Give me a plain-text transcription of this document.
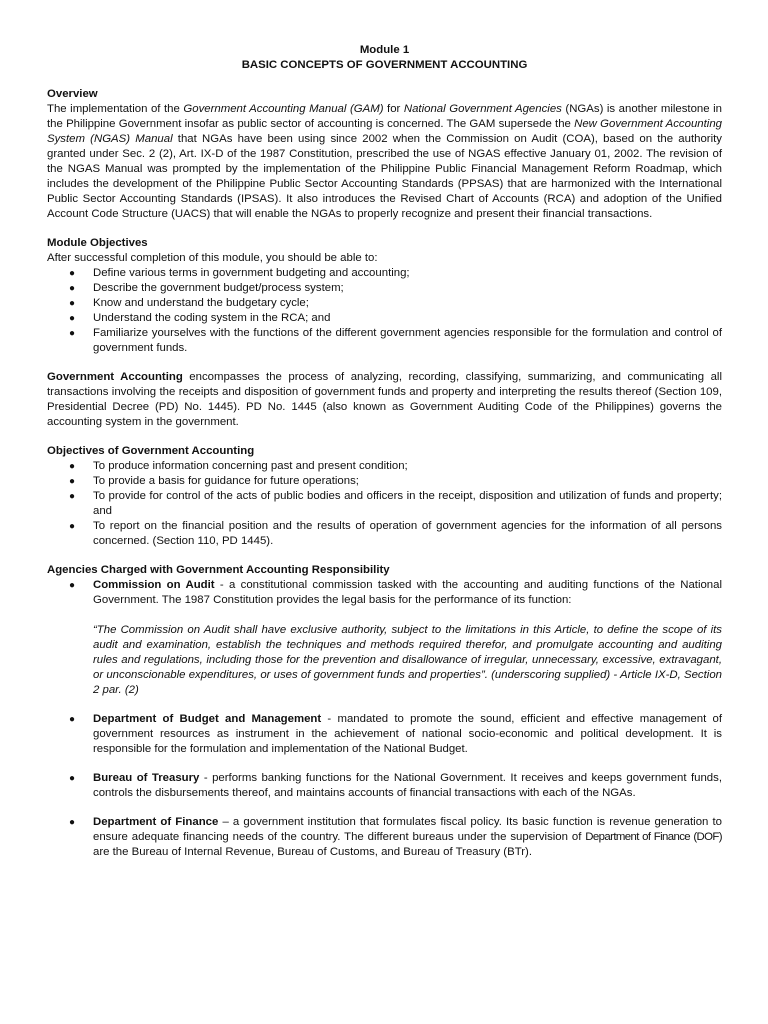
Module 1
BASIC CONCEPTS OF GOVERNMENT ACCOUNTING
Overview

The implementation of the Government Accounting Manual (GAM) for National Government Agencies (NGAs) is another milestone in the Philippine Government insofar as public sector of accounting is concerned. The GAM supersede the New Government Accounting System (NGAS) Manual that NGAs have been using since 2002 when the Commission on Audit (COA), based on the authority granted under Sec. 2 (2), Art. IX-D of the 1987 Constitution, prescribed the use of NGAS effective January 01, 2002. The revision of the NGAS Manual was prompted by the implementation of the Philippine Public Financial Management Reform Roadmap, which includes the development of the Philippine Public Sector Accounting Standards (PPSAS) that are harmonized with the International Public Sector Accounting Standards (IPSAS). It also introduces the Revised Chart of Accounts (RCA) and adoption of the Unified Account Code Structure (UACS) that will enable the NGAs to properly recognize and present their financial transactions.

Module Objectives

After successful completion of this module, you should be able to:

● Define various terms in government budgeting and accounting;
● Describe the government budget/process system;
● Know and understand the budgetary cycle;
● Understand the coding system in the RCA; and
● Familiarize yourselves with the functions of the different government agencies responsible for the formulation and control of government funds.

Government Accounting encompasses the process of analyzing, recording, classifying, summarizing, and communicating all transactions involving the receipts and disposition of government funds and property and interpreting the results thereof (Section 109, Presidential Decree (PD) No. 1445). PD No. 1445 (also known as Government Auditing Code of the Philippines) governs the accounting system in the government.

Objectives of Government Accounting
● To produce information concerning past and present condition;
● To provide a basis for guidance for future operations;
● To provide for control of the acts of public bodies and officers in the receipt, disposition and utilization of funds and property; and
● To report on the financial position and the results of operation of government agencies for the information of all persons concerned. (Section 110, PD 1445).
Agencies Charged with Government Accounting Responsibility
● Commission on Audit - a constitutional commission tasked with the accounting and auditing functions of the National Government. The 1987 Constitution provides the legal basis for the performance of its function:
“The Commission on Audit shall have exclusive authority, subject to the limitations in this Article, to define the scope of its audit and examination, establish the techniques and methods required therefor, and promulgate accounting and auditing rules and regulations, including those for the prevention and disallowance of irregular, unnecessary, excessive, extravagant, or unconscionable expenditures, or uses of government funds and properties”. (underscoring supplied) - Article IX-D, Section 2 par. (2)
● Department of Budget and Management - mandated to promote the sound, efficient and effective management of government resources as instrument in the achievement of national socio-economic and political development. It is responsible for the formulation and implementation of the National Budget.
● Bureau of Treasury - performs banking functions for the National Government. It receives and keeps government funds, controls the disbursements thereof, and maintains accounts of financial transactions with each of the NGAs.
● Department of Finance – a government institution that formulates fiscal policy. Its basic function is revenue generation to ensure adequate financing needs of the country. The different bureaus under the supervision of Department of Finance (DOF) are the Bureau of Internal Revenue, Bureau of Customs, and Bureau of Treasury (BTr).
